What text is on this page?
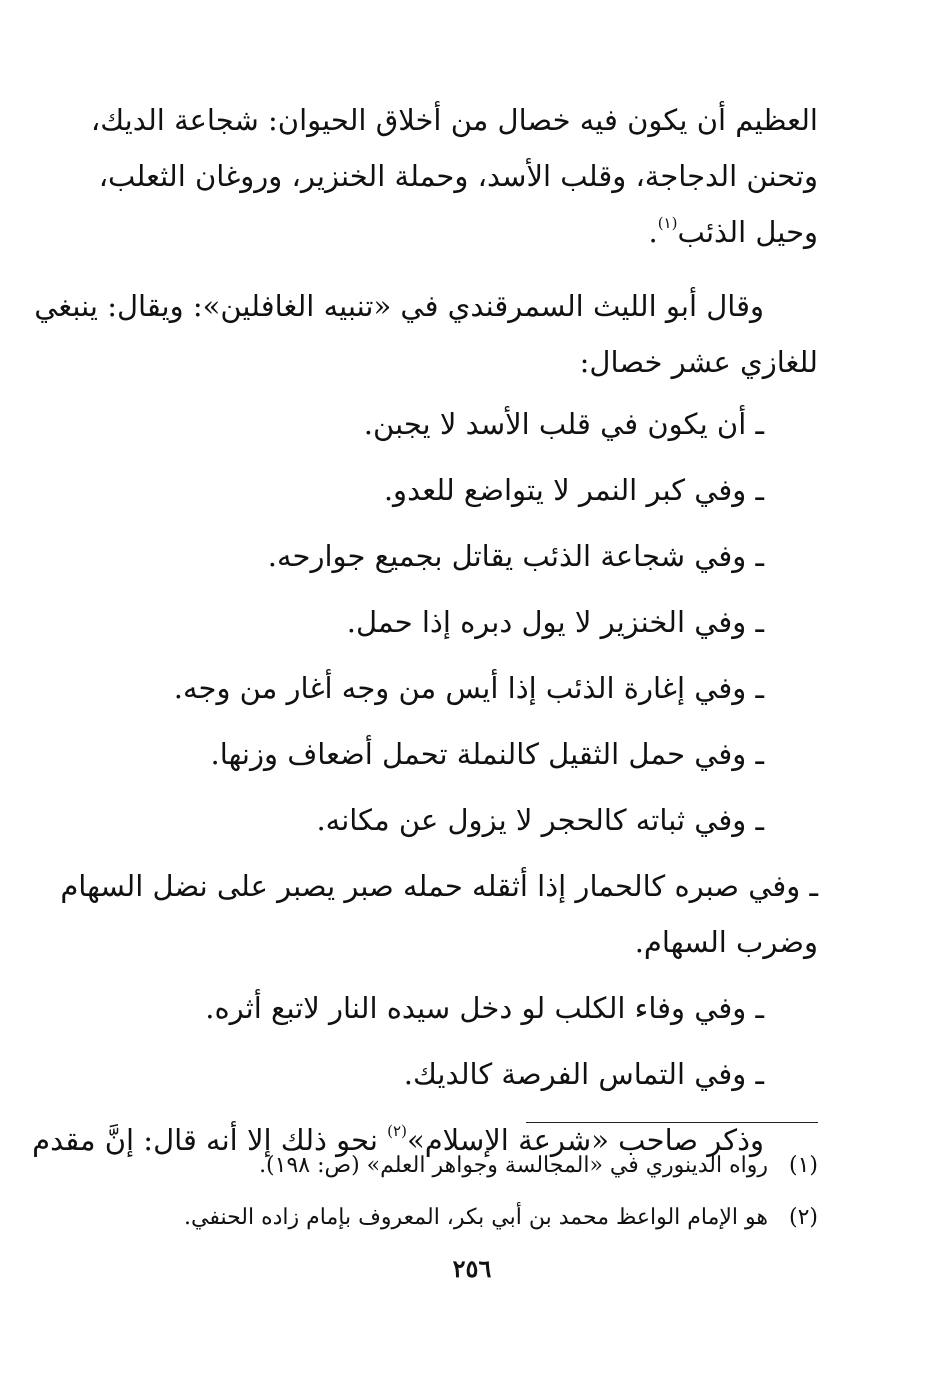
العظيم أن يكون فيه خصال من أخلاق الحيوان: شجاعة الديك،
وتحنن الدجاجة، وقلب الأسد، وحملة الخنزير، وروغان الثعلب،
وحيل الذئب$^{(١)}$.
وقال أبو الليث السمرقندي في «تنبيه الغافلين»: ويقال: ينبغي
للغازي عشر خصال:
ـ أن يكون في قلب الأسد لا يجبن.
ـ وفي كبر النمر لا يتواضع للعدو.
ـ وفي شجاعة الذئب يقاتل بجميع جوارحه.
ـ وفي الخنزير لا يول دبره إذا حمل.
ـ وفي إغارة الذئب إذا أيس من وجه أغار من وجه.
ـ وفي حمل الثقيل كالنملة تحمل أضعاف وزنها.
ـ وفي ثباته كالحجر لا يزول عن مكانه.
ـ وفي صبره كالحمار إذا أثقله حمله صبر يصبر على نضل السهام
وضرب السهام.
ـ وفي وفاء الكلب لو دخل سيده النار لاتبع أثره.
ـ وفي التماس الفرصة كالديك.
وذكر صاحب «شرعة الإسلام»$^{(٢)}$ نحو ذلك إلا أنه قال: إنَّ مقدم
(١)رواه الدينوري في «المجالسة وجواهر العلم» (ص: ١٩٨).
(٢)هو الإمام الواعظ محمد بن أبي بكر، المعروف بإمام زاده الحنفي.
٢٥٦
